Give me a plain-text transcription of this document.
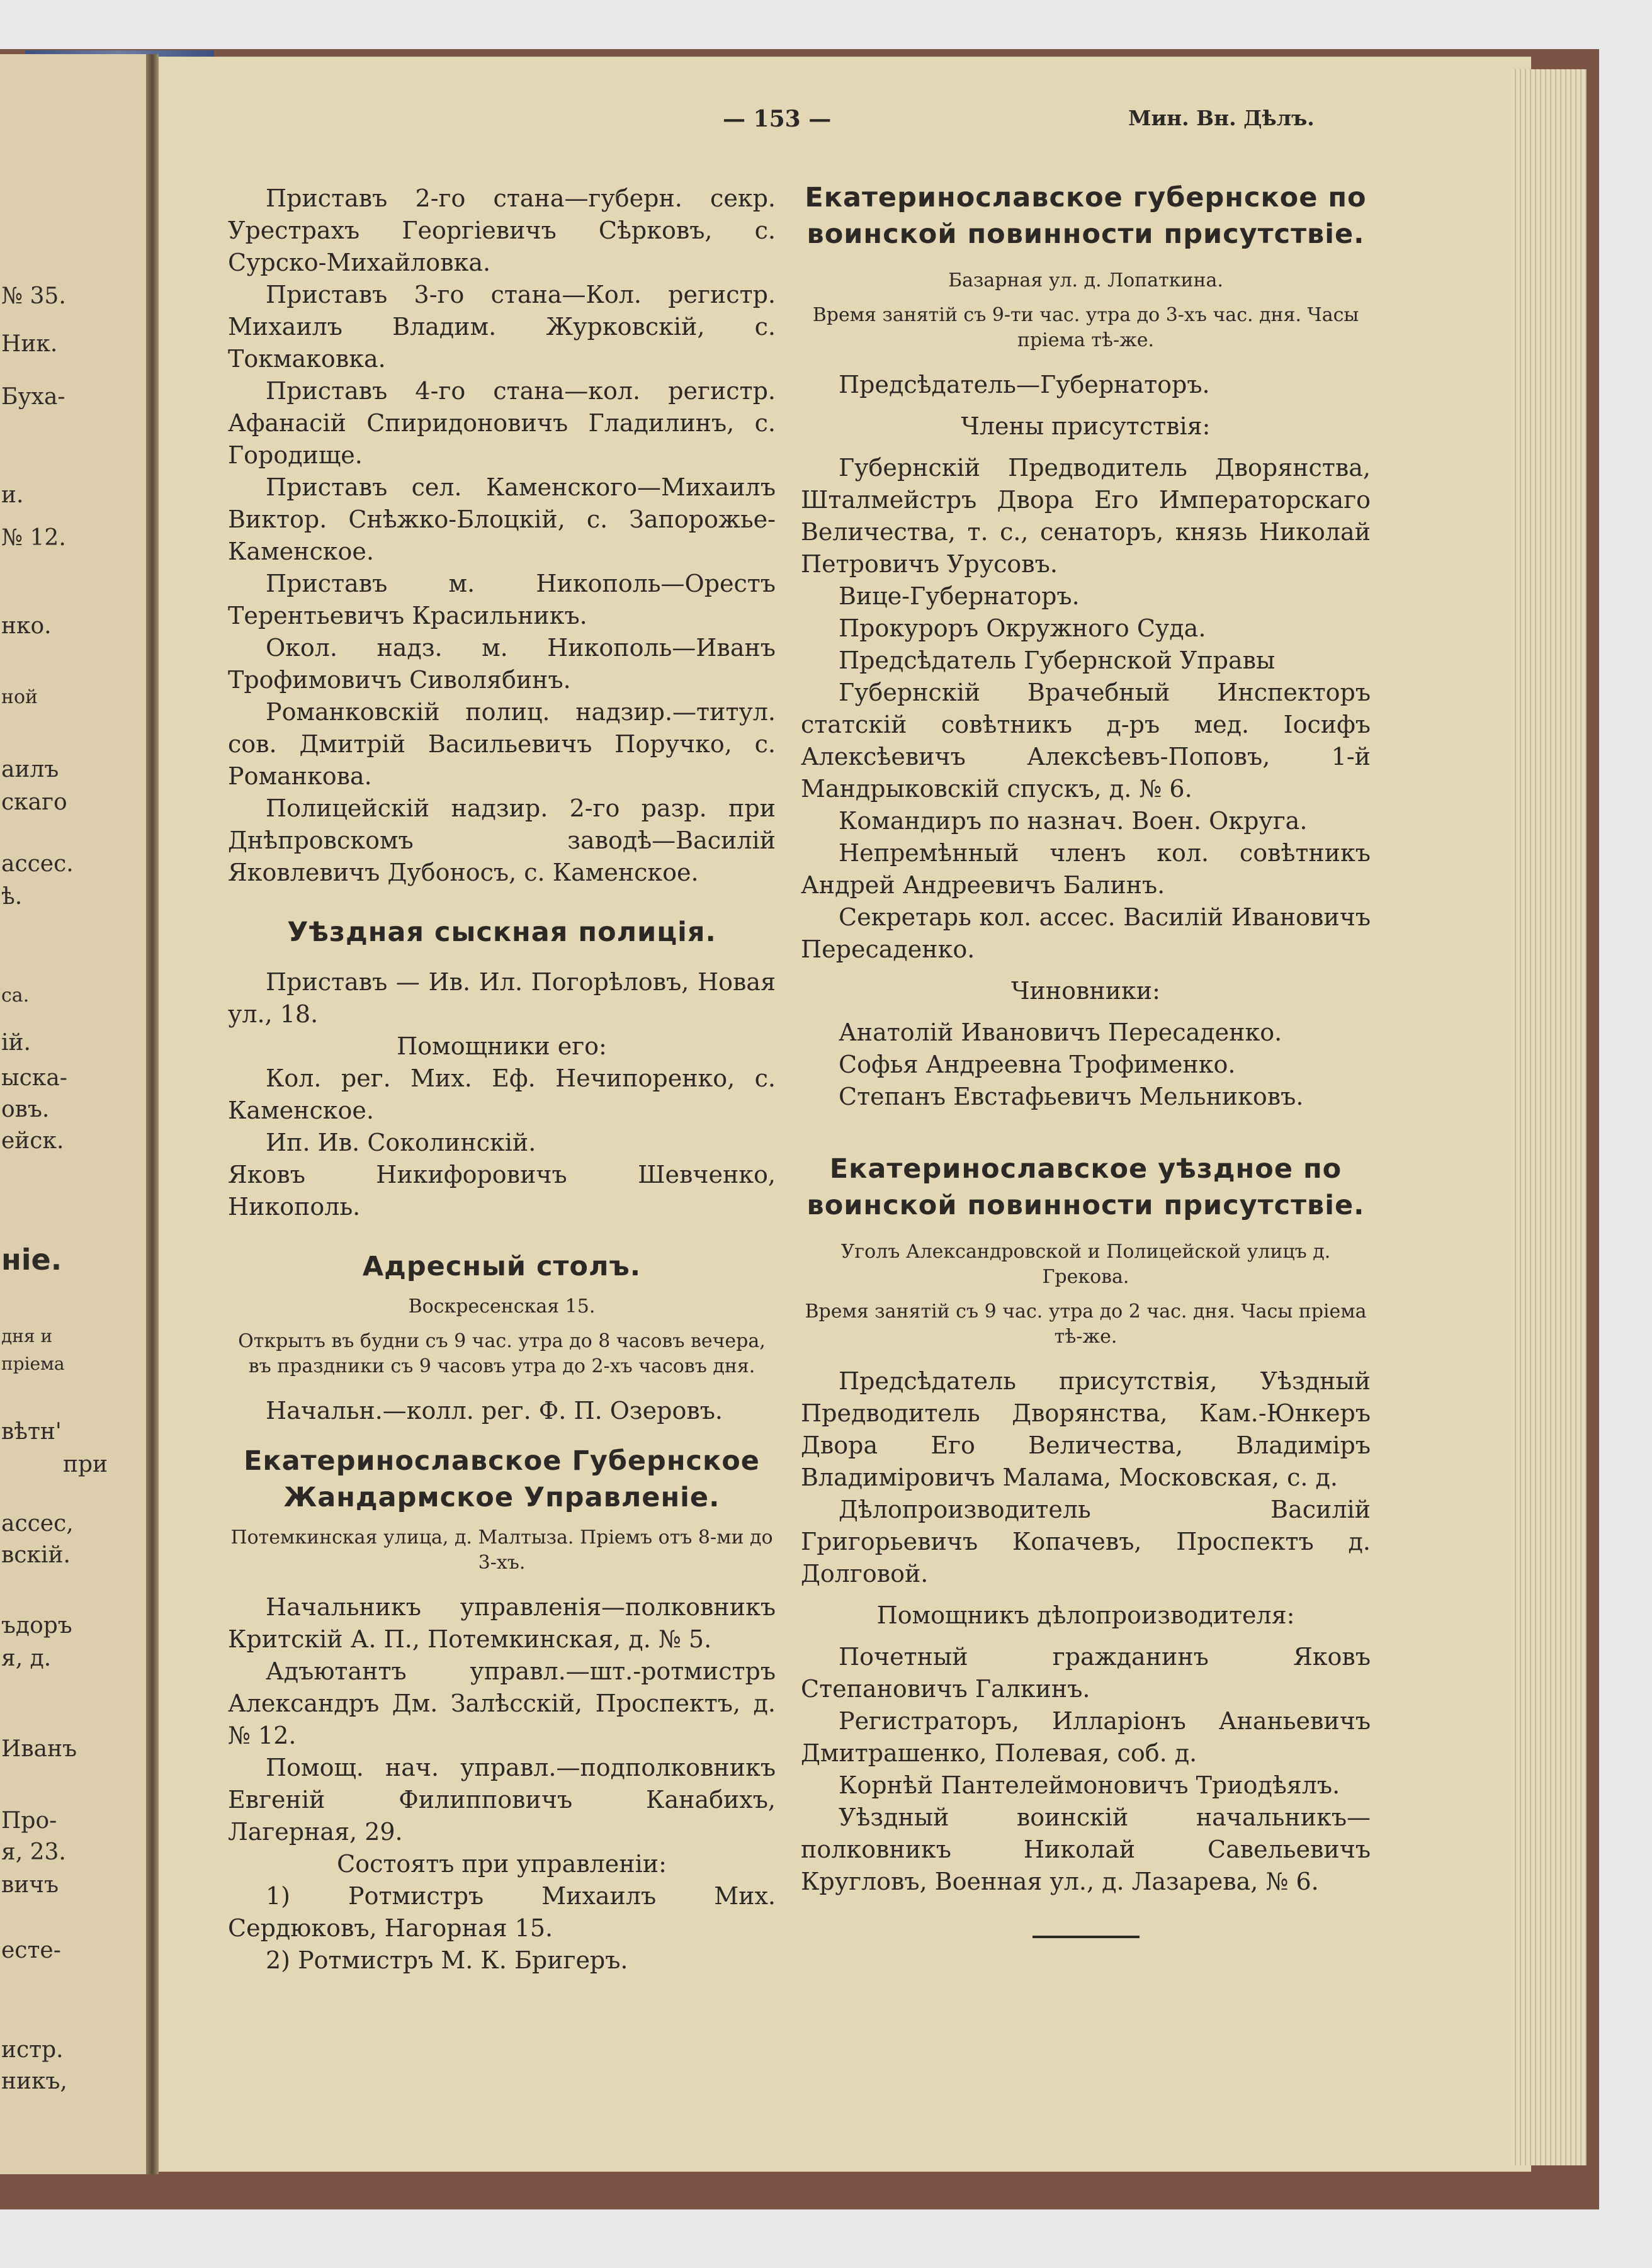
№ 35.
Ник.
Буха-
и.
№ 12.
нко.
ной
аилъ
скаго
ассес.
ѣ.
са.
ій.
ыска-
овъ.
ейск.
ніе.
дня и
пріема
вѣтн'
при
ассес,
вскій.
ъдоръ
я, д.
Иванъ
Про-
я, 23.
вичъ
есте-
истр.
никъ,
— 153 —	Мин. Вн. Дѣлъ.

Приставъ 2-го стана—губерн. секр. Урестрахъ Георгіевичъ Сѣрковъ, с. Сурско-Михайловка.

Приставъ 3-го стана—Кол. регистр. Михаилъ Владим. Журковскій, с. Токмаковка.

Приставъ 4-го стана—кол. регистр. Афанасій Спиридоновичъ Гладилинъ, с. Городище.

Приставъ сел. Каменского—Михаилъ Виктор. Снѣжко-Блоцкій, с. Запорожье-Каменское.

Приставъ м. Никополь—Орестъ Терентьевичъ Красильникъ.

Окол. надз. м. Никополь—Иванъ Трофимовичъ Сиволябинъ.

Романковскій полиц. надзир.—титул. сов. Дмитрій Васильевичъ Поручко, с. Романкова.

Полицейскій надзир. 2-го разр. при Днѣпровскомъ заводѣ—Василій Яковлевичъ Дубоносъ, с. Каменское.

Уѣздная сыскная полиція.

Приставъ — Ив. Ил. Погорѣловъ, Новая ул., 18.

Помощники его:

Кол. рег. Мих. Еф. Нечипоренко, с. Каменское.

Ип. Ив. Соколинскій.

Яковъ Никифоровичъ Шевченко, Никополь.

Адресный столъ.

Воскресенская 15.

Открытъ въ будни съ 9 час. утра до 8 часовъ вечера, въ праздники съ 9 часовъ утра до 2-хъ часовъ дня.

Начальн.—колл. рег. Ф. П. Озеровъ.

Екатеринославское Губернское Жандармское Управленіе.

Потемкинская улица, д. Малтыза. Пріемъ отъ 8-ми до 3-хъ.

Начальникъ управленія—полковникъ Критскій А. П., Потемкинская, д. № 5.

Адъютантъ управл.—шт.-ротмистръ Александръ Дм. Залѣсскій, Проспектъ, д. № 12.

Помощ. нач. управл.—подполковникъ Евгеній Филипповичъ Канабихъ, Лагерная, 29.

Состоятъ при управленіи:

1) Ротмистръ Михаилъ Мих. Сердюковъ, Нагорная 15.

2) Ротмистръ М. К. Бригеръ.

Екатеринославское губернское по воинской повинности присутствіе.

Базарная ул. д. Лопаткина.

Время занятій съ 9-ти час. утра до 3-хъ час. дня. Часы пріема тѣ-же.

Предсѣдатель—Губернаторъ.

Члены присутствія:

Губернскій Предводитель Дворянства, Шталмейстръ Двора Его Императорскаго Величества, т. с., сенаторъ, князь Николай Петровичъ Урусовъ.

Вице-Губернаторъ.

Прокуроръ Окружного Суда.

Предсѣдатель Губернской Управы

Губернскій Врачебный Инспекторъ статскій совѣтникъ д-ръ мед. Іосифъ Алексѣевичъ Алексѣевъ-Поповъ, 1-й Мандрыковскій спускъ, д. № 6.

Командиръ по назнач. Воен. Округа.

Непремѣнный членъ кол. совѣтникъ Андрей Андреевичъ Балинъ.

Секретарь кол. ассес. Василій Ивановичъ Пересаденко.

Чиновники:

Анатолій Ивановичъ Пересаденко.

Софья Андреевна Трофименко.

Степанъ Евстафьевичъ Мельниковъ.

Екатеринославское уѣздное по воинской повинности присутствіе.

Уголъ Александровской и Полицейской улицъ д. Грекова.

Время занятій съ 9 час. утра до 2 час. дня. Часы пріема тѣ-же.

Предсѣдатель присутствія, Уѣздный Предводитель Дворянства, Кам.-Юнкеръ Двора Его Величества, Владиміръ Владиміровичъ Малама, Московская, с. д.

Дѣлопроизводитель Василій Григорьевичъ Копачевъ, Проспектъ д. Долговой.

Помощникъ дѣлопроизводителя:

Почетный гражданинъ Яковъ Степановичъ Галкинъ.

Регистраторъ, Илларіонъ Ананьевичъ Дмитрашенко, Полевая, соб. д.

Корнѣй Пантелеймоновичъ Триодѣялъ.

Уѣздный воинскій начальникъ—полковникъ Николай Савельевичъ Кругловъ, Военная ул., д. Лазарева, № 6.
